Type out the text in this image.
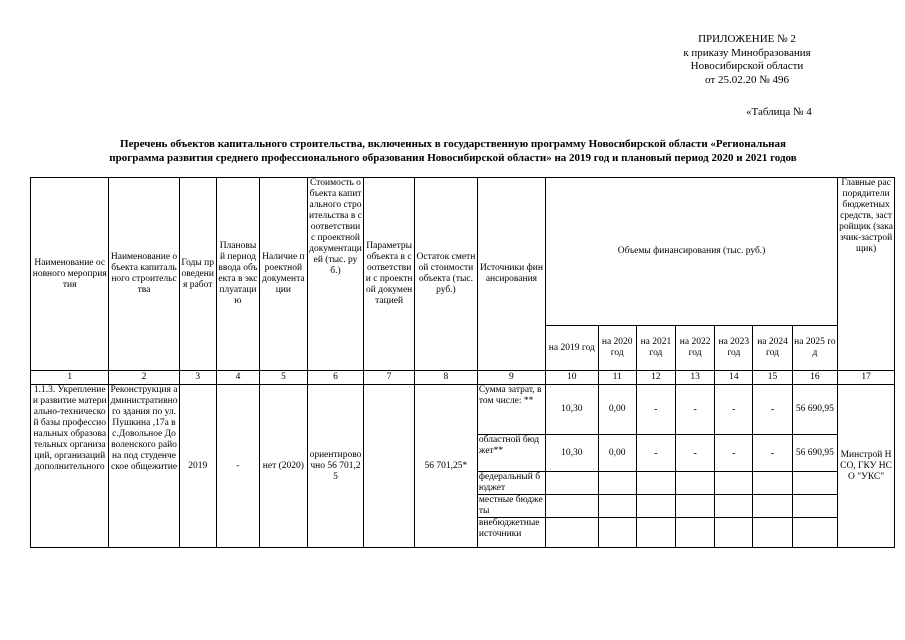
ПРИЛОЖЕНИЕ № 2
к приказу Минобразования
Новосибирской области
от 25.02.20 № 496
«Таблица № 4
Перечень объектов капитального строительства, включенных в государственную программу Новосибирской области «Региональная
программа развития среднего профессионального образования Новосибирской области» на 2019 год и плановый период 2020 и 2021 годов
Наименование основного мероприятия	Наименование объекта капитального строительства	Годы проведения работ	Плановый период ввода объекта в эксплуатацию	Наличие проектной документации	Стоимость объекта капитального строительства в соответствии с проектной документацией (тыс. руб.)	Параметры объекта в соответствии с проектной документацией	Остаток сметной стоимости объекта (тыс. руб.)	Источники финансирования	Объемы финансирования (тыс. руб.)							Главные распорядители бюджетных средств, застройщик (заказчик-застройщик)
									на 2019 год	на 2020 год	на 2021 год	на 2022 год	на 2023 год	на 2024 год	на 2025 год	
1	2	3	4	5	6	7	8	9	10	11	12	13	14	15	16	17
1.1.3. Укрепление и развитие материально-технической базы профессиональных образовательных организаций, организаций дополнительного	Реконструкция административного здания по ул.Пушкина ,17а в с.Довольное Доволенского района под студенческое общежитие	2019	-	нет (2020)	ориентировочно 56 701,25		56 701,25*	Сумма затрат, в том числе: **	10,30	0,00	-	-	-	-	56 690,95	Минстрой НСО, ГКУ НСО "УКС"
								областной бюджет**	10,30	0,00	-	-	-	-	56 690,95	
								федеральный бюджет								
								местные бюджеты								
								внебюджетные источники								
